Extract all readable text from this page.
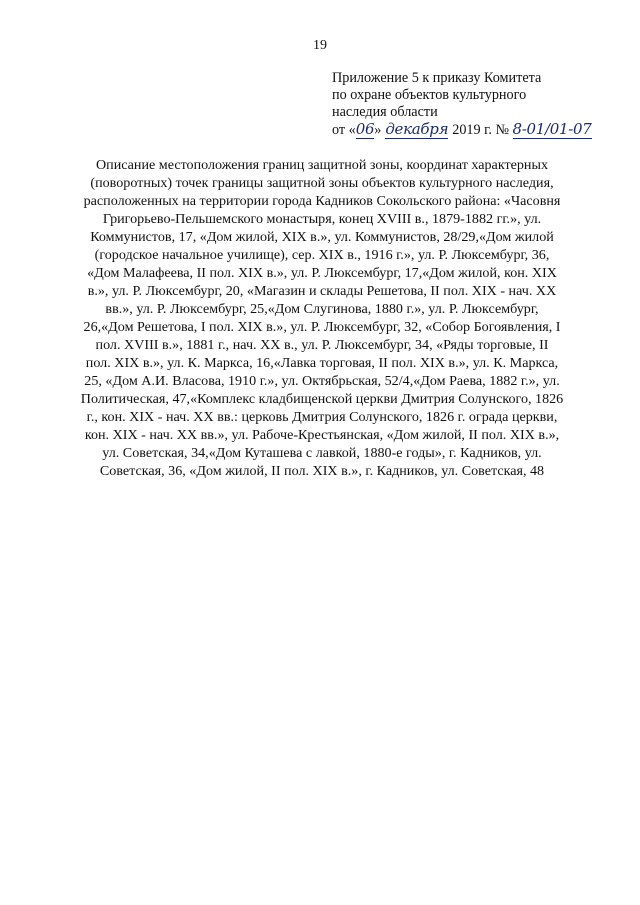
19
Приложение 5 к приказу Комитета
по охране объектов культурного
наследия области
от «06» декабря 2019 г. № 8-01/01-07
Описание местоположения границ защитной зоны, координат характерных
(поворотных) точек границы защитной зоны объектов культурного наследия,
расположенных на территории города Кадников Сокольского района: «Часовня
Григорьево-Пельшемского монастыря, конец XVIII в., 1879-1882 гг.», ул.
Коммунистов, 17, «Дом жилой, XIX в.», ул. Коммунистов, 28/29,«Дом жилой
(городское начальное училище), сер. XIX в., 1916 г.», ул. Р. Люксембург, 36,
«Дом Малафеева, II пол. XIX в.», ул. Р. Люксембург, 17,«Дом жилой, кон. XIX
в.», ул. Р. Люксембург, 20, «Магазин и склады Решетова, II пол. XIX - нач. XX
вв.», ул. Р. Люксембург, 25,«Дом Слугинова, 1880 г.», ул. Р. Люксембург,
26,«Дом Решетова, I пол. XIX в.», ул. Р. Люксембург, 32, «Собор Богоявления, I
пол. XVIII в.», 1881 г., нач. XX в., ул. Р. Люксембург, 34, «Ряды торговые, II
пол. XIX в.», ул. К. Маркса, 16,«Лавка торговая, II пол. XIX в.», ул. К. Маркса,
25, «Дом А.И. Власова, 1910 г.», ул. Октябрьская, 52/4,«Дом Раева, 1882 г.», ул.
Политическая, 47,«Комплекс кладбищенской церкви Дмитрия Солунского, 1826
г., кон. XIX - нач. XX вв.: церковь Дмитрия Солунского, 1826 г. ограда церкви,
кон. XIX - нач. XX вв.», ул. Рабоче-Крестьянская, «Дом жилой, II пол. XIX в.»,
ул. Советская, 34,«Дом Куташева с лавкой, 1880-е годы», г. Кадников, ул.
Советская, 36, «Дом жилой, II пол. XIX в.», г. Кадников, ул. Советская, 48
